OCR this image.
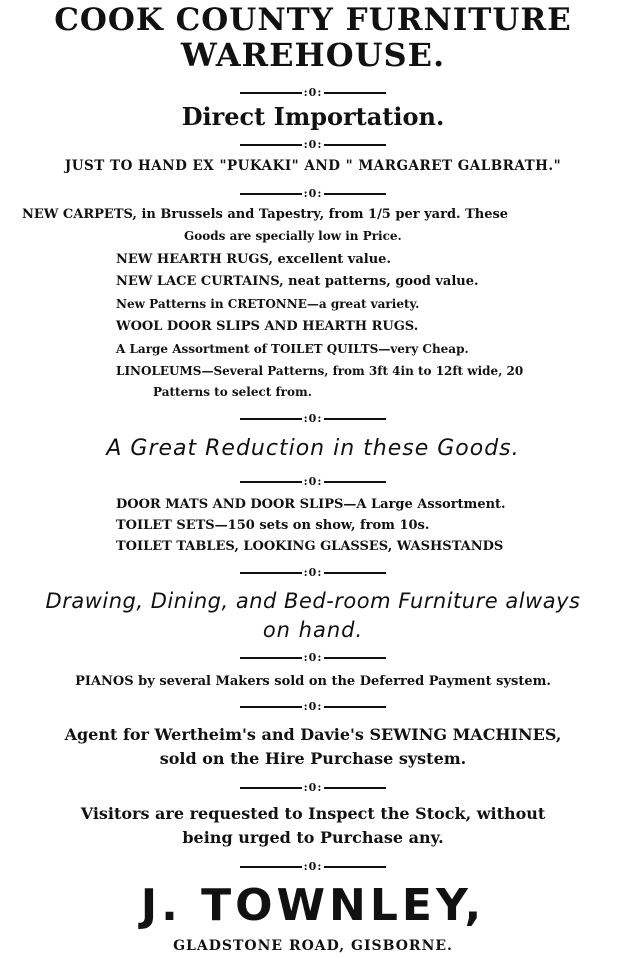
COOK COUNTY FURNITURE
WAREHOUSE.
:0:
Direct Importation.
:0:
JUST TO HAND EX "PUKAKI" AND " MARGARET GALBRATH."
:0:
NEW CARPETS, in Brussels and Tapestry, from 1/5 per yard. These
Goods are specially low in Price.
NEW HEARTH RUGS, excellent value.
NEW LACE CURTAINS, neat patterns, good value.
New Patterns in CRETONNE—a great variety.
WOOL DOOR SLIPS AND HEARTH RUGS.
A Large Assortment of TOILET QUILTS—very Cheap.
LINOLEUMS—Several Patterns, from 3ft 4in to 12ft wide, 20
Patterns to select from.
:0:
A Great Reduction in these Goods.
:0:
DOOR MATS AND DOOR SLIPS—A Large Assortment.
TOILET SETS—150 sets on show, from 10s.
TOILET TABLES, LOOKING GLASSES, WASHSTANDS
:0:
Drawing, Dining, and Bed-room Furniture always
on hand.
:0:
PIANOS by several Makers sold on the Deferred Payment system.
:0:
Agent for Wertheim's and Davie's SEWING MACHINES,
sold on the Hire Purchase system.
:0:
Visitors are requested to Inspect the Stock, without
being urged to Purchase any.
:0:
J. TOWNLEY,
GLADSTONE ROAD, GISBORNE.
